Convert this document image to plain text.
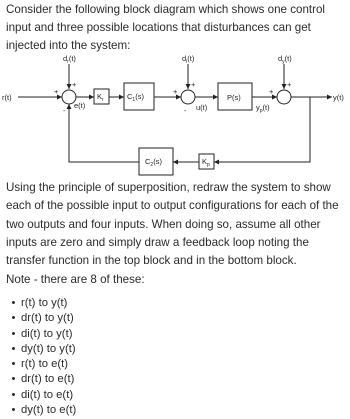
Consider the following block diagram which shows one control input and three possible locations that disturbances can get injected into the system:

$d_r(t)$	$d_i(t)$	$d_y(t)$
r(t)
+
+
-
e(t)
$K_r$	$C_1(s)$
+
+
- u(t)
P(s)
$y_p(t)$
+
+
y(t)
$K_p$
$C_2(s)$

Using the principle of superposition, redraw the system to show each of the possible input to output configurations for each of the two outputs and four inputs. When doing so, assume all other inputs are zero and simply draw a feedback loop noting the transfer function in the top block and in the bottom block.

Note - there are 8 of these:

• r(t) to y(t)
• dr(t) to y(t)
• di(t) to y(t)
• dy(t) to y(t)
• r(t) to e(t)
• dr(t) to e(t)
• di(t) to e(t)
• dy(t) to e(t)
